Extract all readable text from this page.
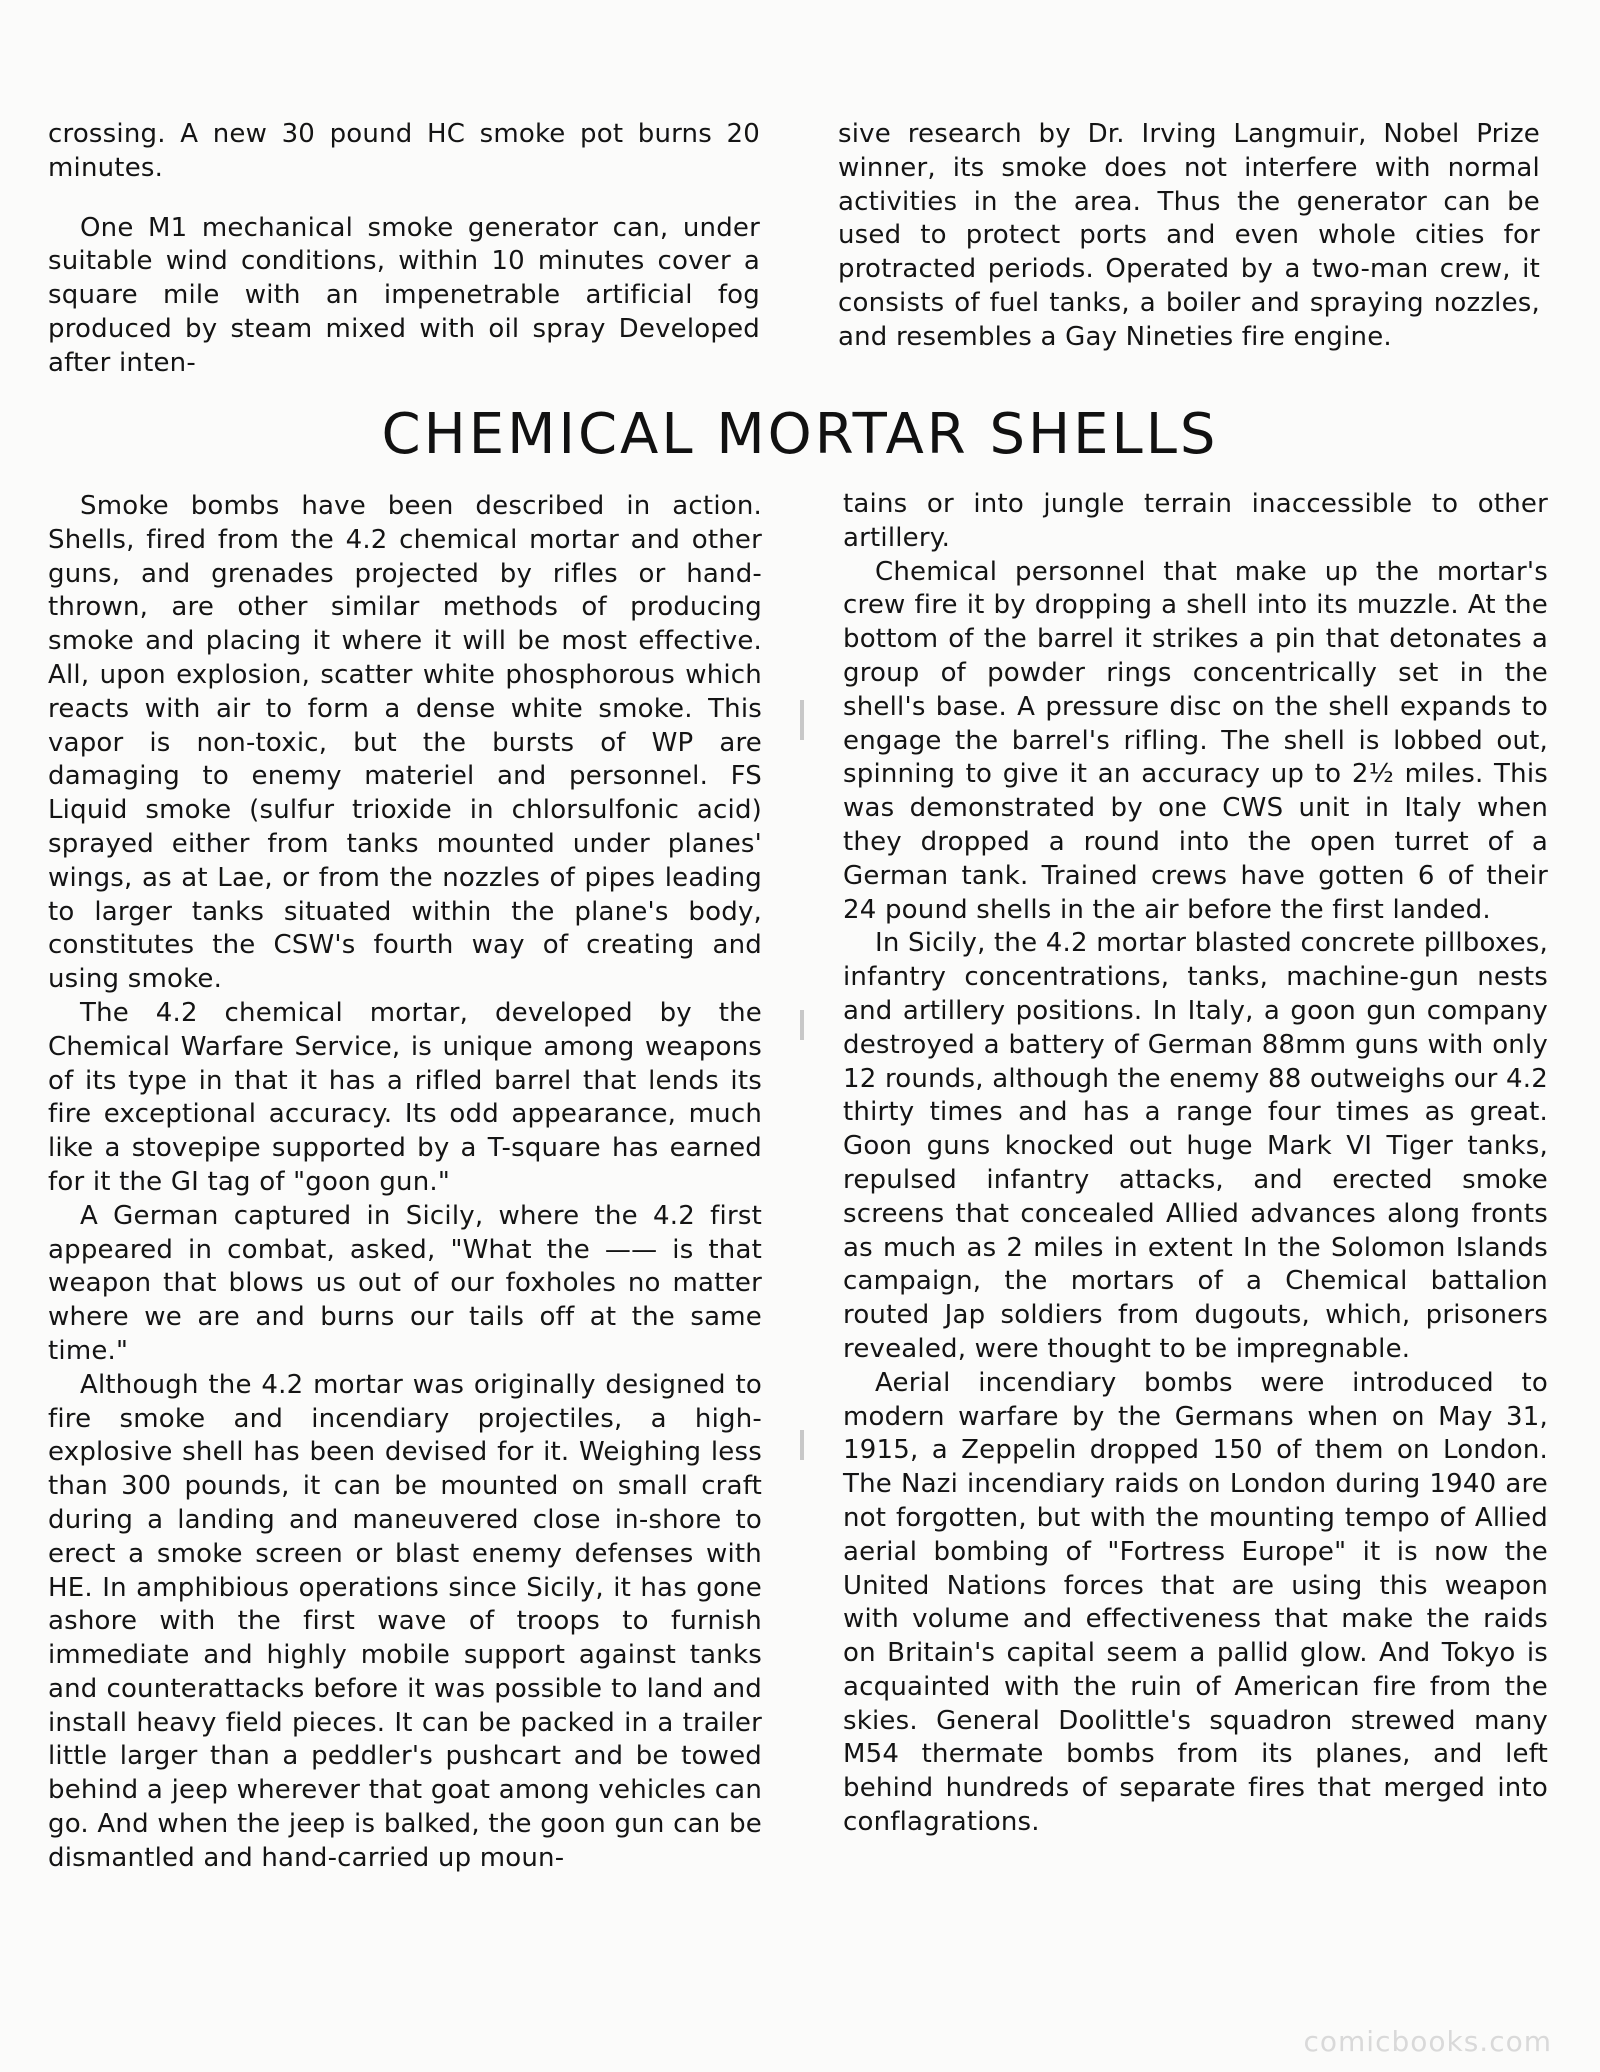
crossing. A new 30 pound HC smoke pot burns 20 minutes.

One M1 mechanical smoke generator can, under suitable wind conditions, within 10 minutes cover a square mile with an impenetrable artificial fog produced by steam mixed with oil spray Developed after inten-

sive research by Dr. Irving Langmuir, Nobel Prize winner, its smoke does not interfere with normal activities in the area. Thus the generator can be used to protect ports and even whole cities for protracted periods. Operated by a two-man crew, it consists of fuel tanks, a boiler and spraying nozzles, and resembles a Gay Nineties fire engine.

CHEMICAL MORTAR SHELLS

Smoke bombs have been described in action. Shells, fired from the 4.2 chemical mortar and other guns, and grenades projected by rifles or hand-thrown, are other similar methods of producing smoke and placing it where it will be most effective. All, upon explosion, scatter white phosphorous which reacts with air to form a dense white smoke. This vapor is non-toxic, but the bursts of WP are damaging to enemy materiel and personnel. FS Liquid smoke (sulfur trioxide in chlorsulfonic acid) sprayed either from tanks mounted under planes' wings, as at Lae, or from the nozzles of pipes leading to larger tanks situated within the plane's body, constitutes the CSW's fourth way of creating and using smoke.

The 4.2 chemical mortar, developed by the Chemical Warfare Service, is unique among weapons of its type in that it has a rifled barrel that lends its fire exceptional accuracy. Its odd appearance, much like a stovepipe supported by a T-square has earned for it the GI tag of "goon gun."

A German captured in Sicily, where the 4.2 first appeared in combat, asked, "What the —— is that weapon that blows us out of our foxholes no matter where we are and burns our tails off at the same time."

Although the 4.2 mortar was originally designed to fire smoke and incendiary projectiles, a high-explosive shell has been devised for it. Weighing less than 300 pounds, it can be mounted on small craft during a landing and maneuvered close in-shore to erect a smoke screen or blast enemy defenses with HE. In amphibious operations since Sicily, it has gone ashore with the first wave of troops to furnish immediate and highly mobile support against tanks and counterattacks before it was possible to land and install heavy field pieces. It can be packed in a trailer little larger than a peddler's pushcart and be towed behind a jeep wherever that goat among vehicles can go. And when the jeep is balked, the goon gun can be dismantled and hand-carried up moun-

tains or into jungle terrain inaccessible to other artillery.

Chemical personnel that make up the mortar's crew fire it by dropping a shell into its muzzle. At the bottom of the barrel it strikes a pin that detonates a group of powder rings concentrically set in the shell's base. A pressure disc on the shell expands to engage the barrel's rifling. The shell is lobbed out, spinning to give it an accuracy up to 2½ miles. This was demonstrated by one CWS unit in Italy when they dropped a round into the open turret of a German tank. Trained crews have gotten 6 of their 24 pound shells in the air before the first landed.

In Sicily, the 4.2 mortar blasted concrete pillboxes, infantry concentrations, tanks, machine-gun nests and artillery positions. In Italy, a goon gun company destroyed a battery of German 88mm guns with only 12 rounds, although the enemy 88 outweighs our 4.2 thirty times and has a range four times as great. Goon guns knocked out huge Mark VI Tiger tanks, repulsed infantry attacks, and erected smoke screens that concealed Allied advances along fronts as much as 2 miles in extent In the Solomon Islands campaign, the mortars of a Chemical battalion routed Jap soldiers from dugouts, which, prisoners revealed, were thought to be impregnable.

Aerial incendiary bombs were introduced to modern warfare by the Germans when on May 31, 1915, a Zeppelin dropped 150 of them on London. The Nazi incendiary raids on London during 1940 are not forgotten, but with the mounting tempo of Allied aerial bombing of "Fortress Europe" it is now the United Nations forces that are using this weapon with volume and effectiveness that make the raids on Britain's capital seem a pallid glow. And Tokyo is acquainted with the ruin of American fire from the skies. General Doolittle's squadron strewed many M54 thermate bombs from its planes, and left behind hundreds of separate fires that merged into conflagrations.

comicbooks.com
